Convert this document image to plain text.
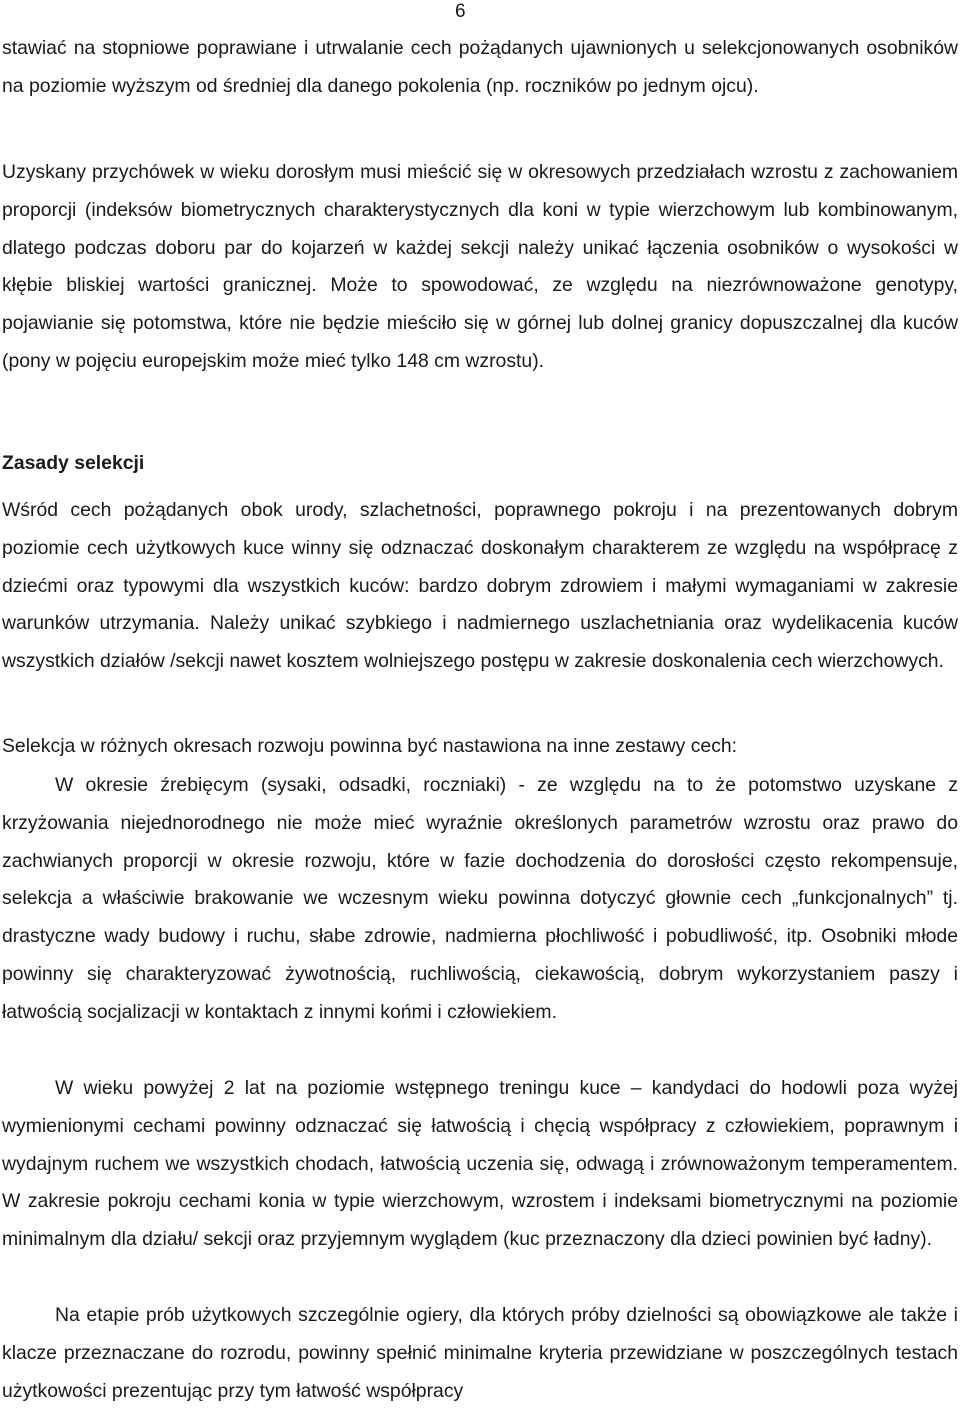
6

stawiać na stopniowe poprawiane i utrwalanie cech pożądanych ujawnionych u selekcjonowanych osobników na poziomie wyższym od średniej dla danego pokolenia (np. roczników po jednym ojcu).

Uzyskany przychówek w wieku dorosłym musi mieścić się w okresowych przedziałach wzrostu z zachowaniem proporcji (indeksów biometrycznych charakterystycznych dla koni w typie wierzchowym lub kombinowanym, dlatego podczas doboru par do kojarzeń w każdej sekcji należy unikać łączenia osobników o wysokości w kłębie bliskiej wartości granicznej. Może to spowodować, ze względu na niezrównoważone genotypy, pojawianie się potomstwa, które nie będzie mieściło się w górnej lub dolnej granicy dopuszczalnej dla kuców (pony w pojęciu europejskim może mieć tylko 148 cm wzrostu).

Zasady selekcji

Wśród cech pożądanych obok urody, szlachetności, poprawnego pokroju i na prezentowanych dobrym poziomie cech użytkowych kuce winny się odznaczać doskonałym charakterem ze względu na współpracę z dziećmi oraz typowymi dla wszystkich kuców: bardzo dobrym zdrowiem i małymi wymaganiami w zakresie warunków utrzymania. Należy unikać szybkiego i nadmiernego uszlachetniania oraz wydelikacenia kuców wszystkich działów /sekcji nawet kosztem wolniejszego postępu w zakresie doskonalenia cech wierzchowych.

Selekcja w różnych okresach rozwoju powinna być nastawiona na inne zestawy cech:

W okresie źrebięcym (sysaki, odsadki, roczniaki) - ze względu na to że potomstwo uzyskane z krzyżowania niejednorodnego nie może mieć wyraźnie określonych parametrów wzrostu oraz prawo do zachwianych proporcji w okresie rozwoju, które w fazie dochodzenia do dorosłości często rekompensuje, selekcja a właściwie brakowanie we wczesnym wieku powinna dotyczyć głownie cech „funkcjonalnych” tj. drastyczne wady budowy i ruchu, słabe zdrowie, nadmierna płochliwość i pobudliwość, itp. Osobniki młode powinny się charakteryzować żywotnością, ruchliwością, ciekawością, dobrym wykorzystaniem paszy i łatwością socjalizacji w kontaktach z innymi końmi i człowiekiem.

W wieku powyżej 2 lat na poziomie wstępnego treningu kuce – kandydaci do hodowli poza wyżej wymienionymi cechami powinny odznaczać się łatwością i chęcią współpracy z człowiekiem, poprawnym i wydajnym ruchem we wszystkich chodach, łatwością uczenia się, odwagą i zrównoważonym temperamentem. W zakresie pokroju cechami konia w typie wierzchowym, wzrostem i indeksami biometrycznymi na poziomie minimalnym dla działu/ sekcji oraz przyjemnym wyglądem (kuc przeznaczony dla dzieci powinien być ładny).

Na etapie prób użytkowych szczególnie ogiery, dla których próby dzielności są obowiązkowe ale także i klacze przeznaczane do rozrodu, powinny spełnić minimalne kryteria przewidziane w poszczególnych testach użytkowości prezentując przy tym łatwość współpracy
